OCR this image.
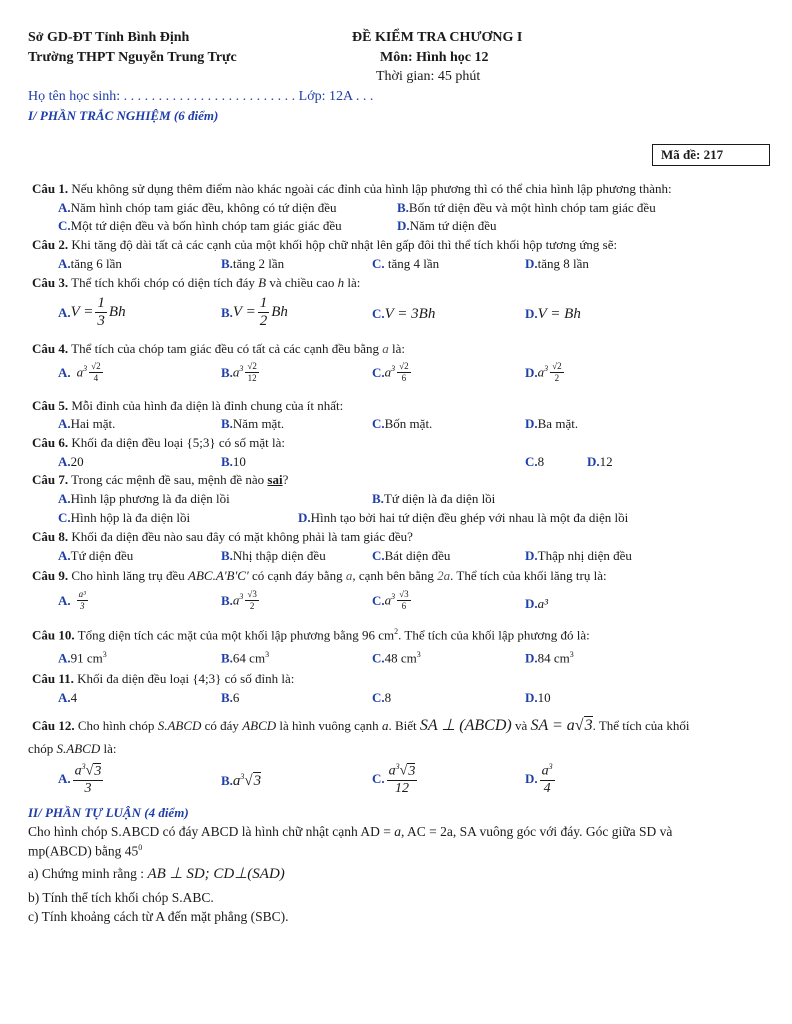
Sở GD-ĐT Tỉnh Bình Định
Trường THPT Nguyễn Trung Trực
ĐỀ KIỂM TRA CHƯƠNG I
Môn: Hình học 12
Thời gian: 45 phút
Họ tên học sinh: . . . . . . . . . . . . . . . . . . . . . . . . . Lớp: 12A . . .
I/ PHẦN TRẮC NGHIỆM (6 điểm)
Mã đề: 217
Câu 1. Nếu không sử dụng thêm điểm nào khác ngoài các đỉnh của hình lập phương thì có thể chia hình lập phương thành:
A.Năm hình chóp tam giác đều, không có tứ diện đều	B.Bốn tứ diện đều và một hình chóp tam giác đều
C.Một tứ diện đều và bốn hình chóp tam giác giác đều	D.Năm tứ diện đều
Câu 2. Khi tăng độ dài tất cả các cạnh của một khối hộp chữ nhật lên gấp đôi thì thể tích khối hộp tương ứng sẽ:
A.tăng 6 lần	B.tăng 2 lần	C. tăng 4 lần	D.tăng 8 lần
Câu 3. Thể tích khối chóp có diện tích đáy B và chiều cao h là:
A. $V = \frac{1}{3}$ Bh	B. $V = \frac{1}{2}$ Bh	C.V = 3Bh	D.V = Bh
Câu 4. Thể tích của chóp tam giác đều có tất cả các cạnh đều bằng a là:
A. $a^3 \frac{√2}{4}$	B. $a^3 \frac{√2}{12}$	C. $a^3 \frac{√2}{6}$	D. $a^3 \frac{√2}{2}$
Câu 5. Mỗi đỉnh của hình đa diện là đỉnh chung của ít nhất:
A.Hai mặt.	B.Năm mặt.	C.Bốn mặt.	D.Ba mặt.
Câu 6. Khối đa diện đều loại {5;3} có số mặt là:
A.20	B.10	C.8	D.12
Câu 7. Trong các mệnh đề sau, mệnh đề nào sai?
A.Hình lập phương là đa diện lồi	B.Tứ diện là đa diện lồi
C.Hình hộp là đa diện lồi	D.Hình tạo bởi hai tứ diện đều ghép với nhau là một đa diện lồi
Câu 8. Khối đa diện đều nào sau đây có mặt không phải là tam giác đều?
A.Tứ diện đều	B.Nhị thập diện đều	C.Bát diện đều	D.Thập nhị diện đều
Câu 9. Cho hình lăng trụ đều ABC.A'B'C' có cạnh đáy bằng a, cạnh bên bằng 2a. Thể tích của khối lăng trụ là:
A. $\frac{\text{a³}}{3}$	B. $a^3 \frac{√3}{2}$	C. $a^3 \frac{√3}{6}$	D.a³
Câu 10. Tổng diện tích các mặt của một khối lập phương bằng 96 $cm^2$. Thể tích của khối lập phương đó là:
A.91 $cm^3$	B.64 $cm^3$	C.48 $cm^3$	D.84 $cm^3$
Câu 11. Khối đa diện đều loại {4;3} có số đỉnh là:
A.4	B.6	C.8	D.10
Câu 12. Cho hình chóp S.ABCD có đáy ABCD là hình vuông cạnh a. Biết SA ⊥ (ABCD) và SA = a√3. Thể tích của khối
chóp S.ABCD là:
A. $\frac{a^3√3}{3}$	$B.a^3√3$	C. $\frac{a^3√3}{12}$	D. $\frac{a^3}{4}$
II/ PHẦN TỰ LUẬN (4 điểm)
Cho hình chóp S.ABCD có đáy ABCD là hình chữ nhật cạnh AD = a, AC = 2a, SA vuông góc với đáy. Góc giữa SD và
mp(ABCD) bằng $45^0$
a) Chứng minh rằng : AB ⊥ SD; CD⊥(SAD)
b) Tính thể tích khối chóp S.ABC.
c) Tính khoảng cách từ A đến mặt phẳng (SBC).
